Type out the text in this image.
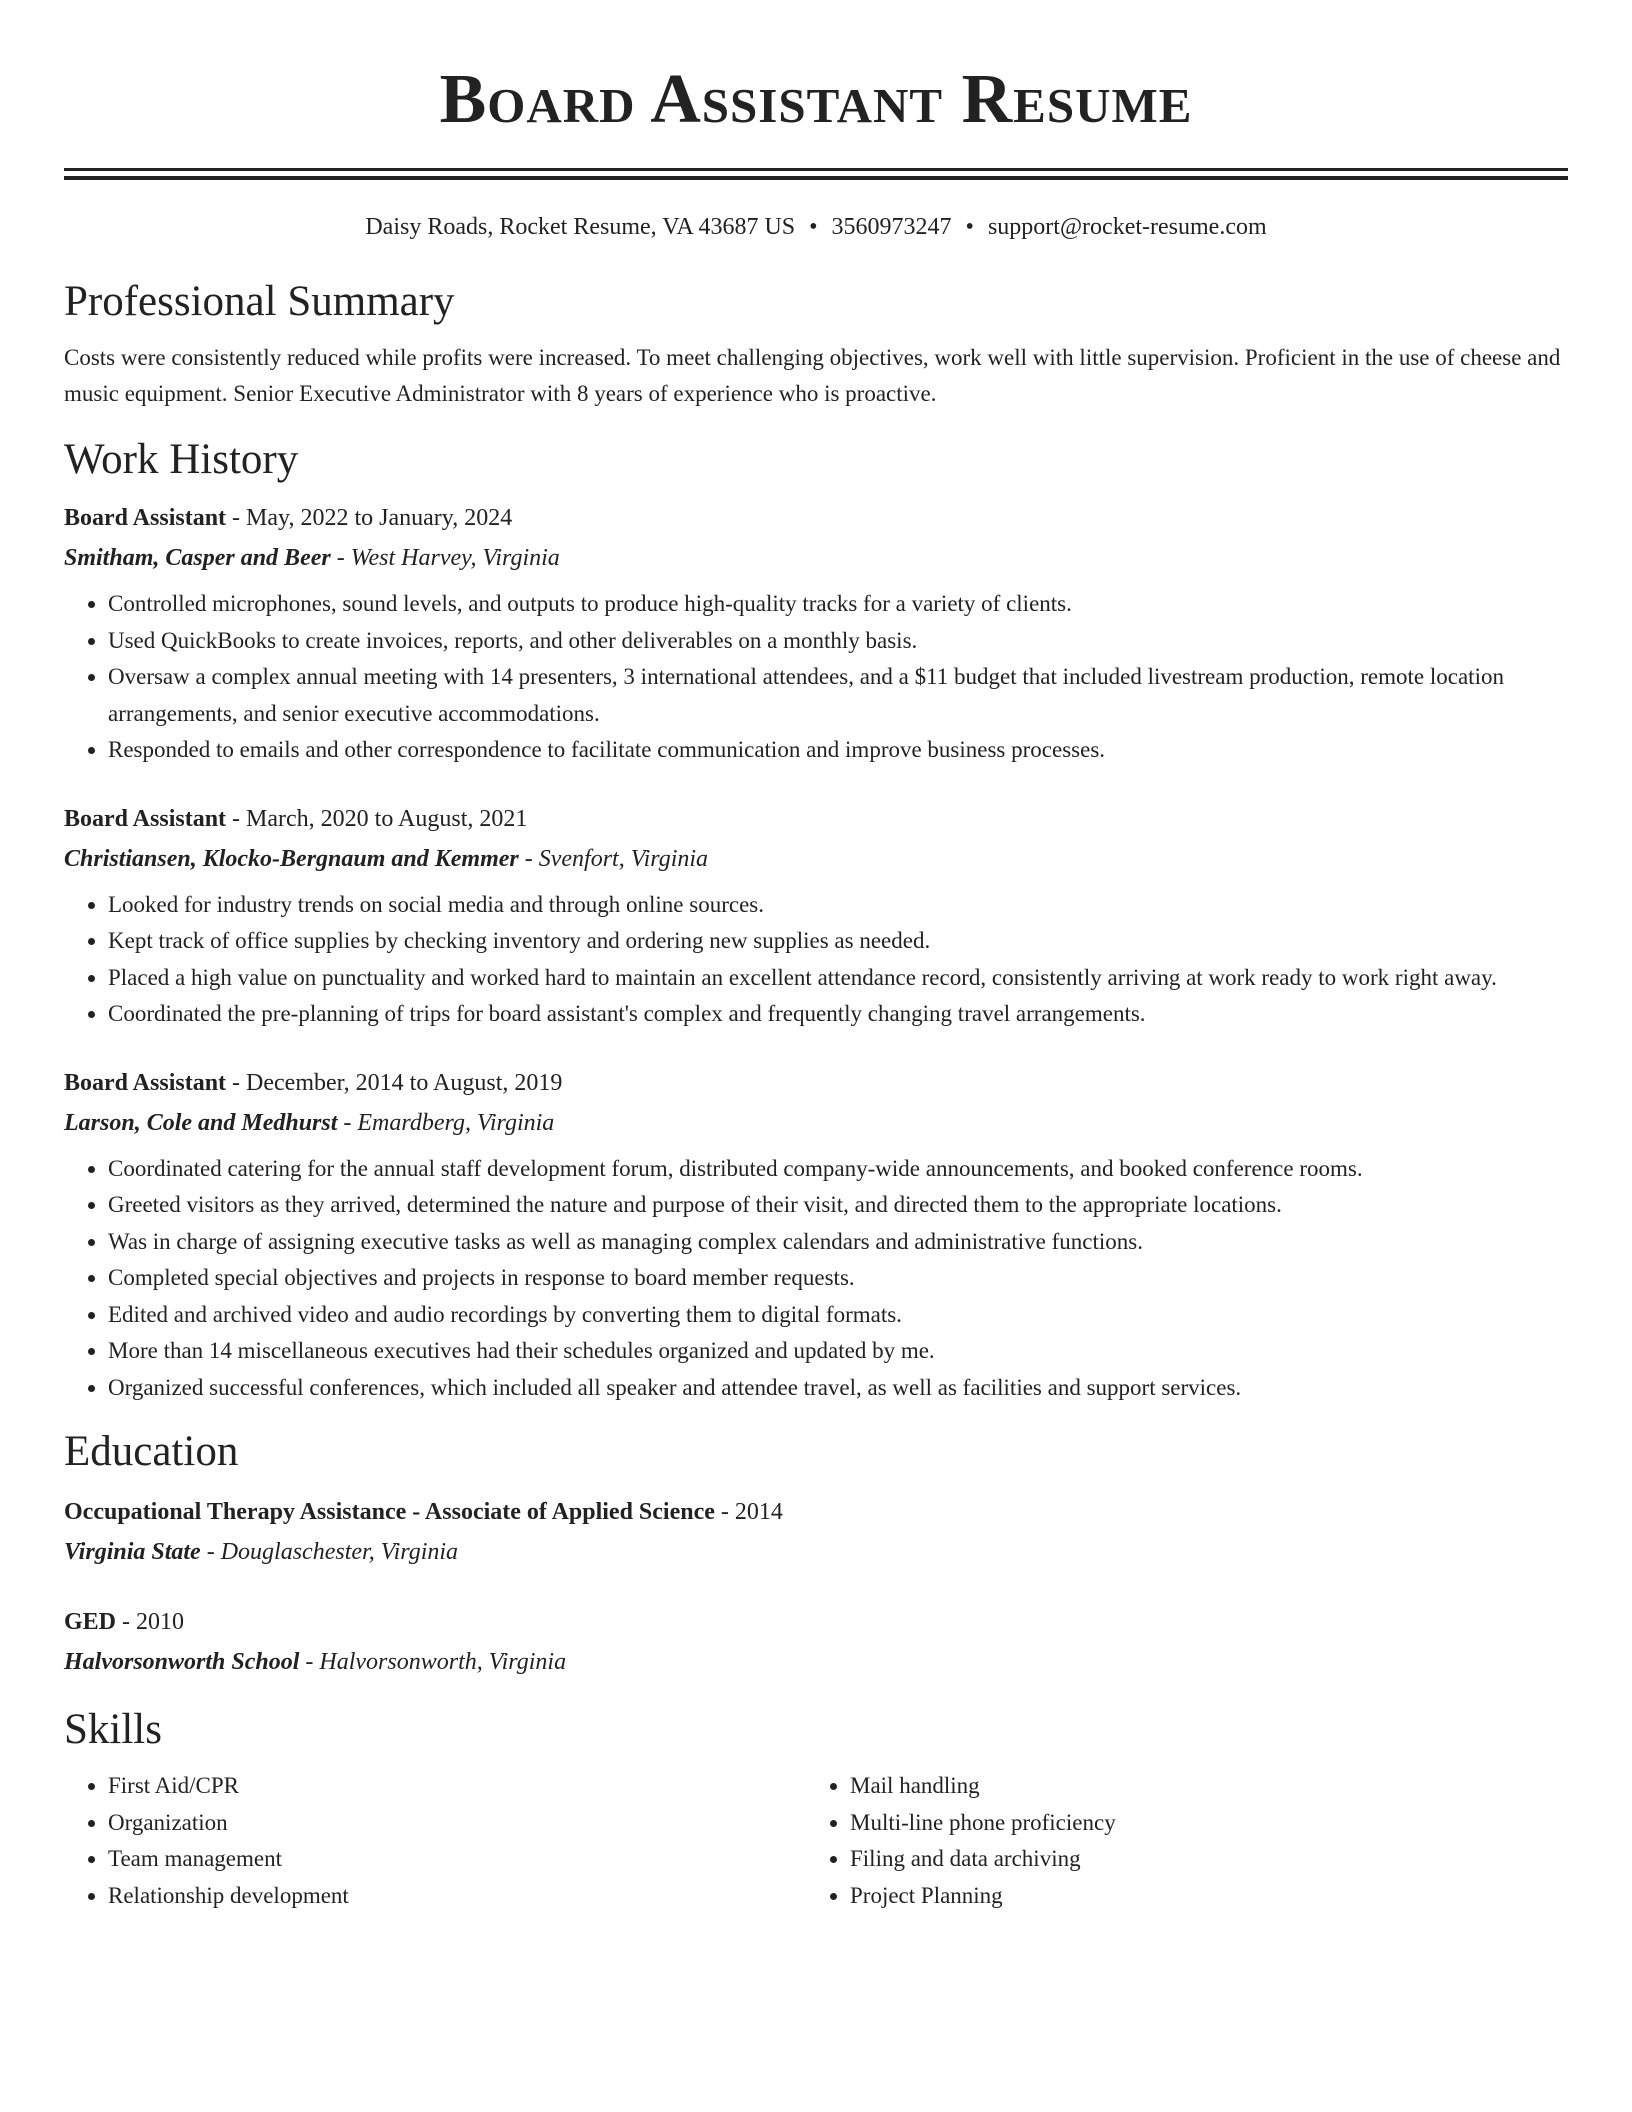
Board Assistant Resume
Daisy Roads, Rocket Resume, VA 43687 US • 3560973247 • support@rocket-resume.com
Professional Summary

Costs were consistently reduced while profits were increased. To meet challenging objectives, work well with little supervision. Proficient in the use of cheese and music equipment. Senior Executive Administrator with 8 years of experience who is proactive.

Work History
Board Assistant - May, 2022 to January, 2024
Smitham, Casper and Beer - West Harvey, Virginia
• Controlled microphones, sound levels, and outputs to produce high-quality tracks for a variety of clients.
• Used QuickBooks to create invoices, reports, and other deliverables on a monthly basis.
• Oversaw a complex annual meeting with 14 presenters, 3 international attendees, and a $11 budget that included livestream production, remote location arrangements, and senior executive accommodations.
• Responded to emails and other correspondence to facilitate communication and improve business processes.
Board Assistant - March, 2020 to August, 2021
Christiansen, Klocko-Bergnaum and Kemmer - Svenfort, Virginia
• Looked for industry trends on social media and through online sources.
• Kept track of office supplies by checking inventory and ordering new supplies as needed.
• Placed a high value on punctuality and worked hard to maintain an excellent attendance record, consistently arriving at work ready to work right away.
• Coordinated the pre-planning of trips for board assistant's complex and frequently changing travel arrangements.
Board Assistant - December, 2014 to August, 2019
Larson, Cole and Medhurst - Emardberg, Virginia
• Coordinated catering for the annual staff development forum, distributed company-wide announcements, and booked conference rooms.
• Greeted visitors as they arrived, determined the nature and purpose of their visit, and directed them to the appropriate locations.
• Was in charge of assigning executive tasks as well as managing complex calendars and administrative functions.
• Completed special objectives and projects in response to board member requests.
• Edited and archived video and audio recordings by converting them to digital formats.
• More than 14 miscellaneous executives had their schedules organized and updated by me.
• Organized successful conferences, which included all speaker and attendee travel, as well as facilities and support services.
Education
Occupational Therapy Assistance - Associate of Applied Science - 2014
Virginia State - Douglaschester, Virginia
GED - 2010
Halvorsonworth School - Halvorsonworth, Virginia
Skills
• First Aid/CPR
• Organization
• Team management
• Relationship development
• Mail handling
• Multi-line phone proficiency
• Filing and data archiving
• Project Planning
